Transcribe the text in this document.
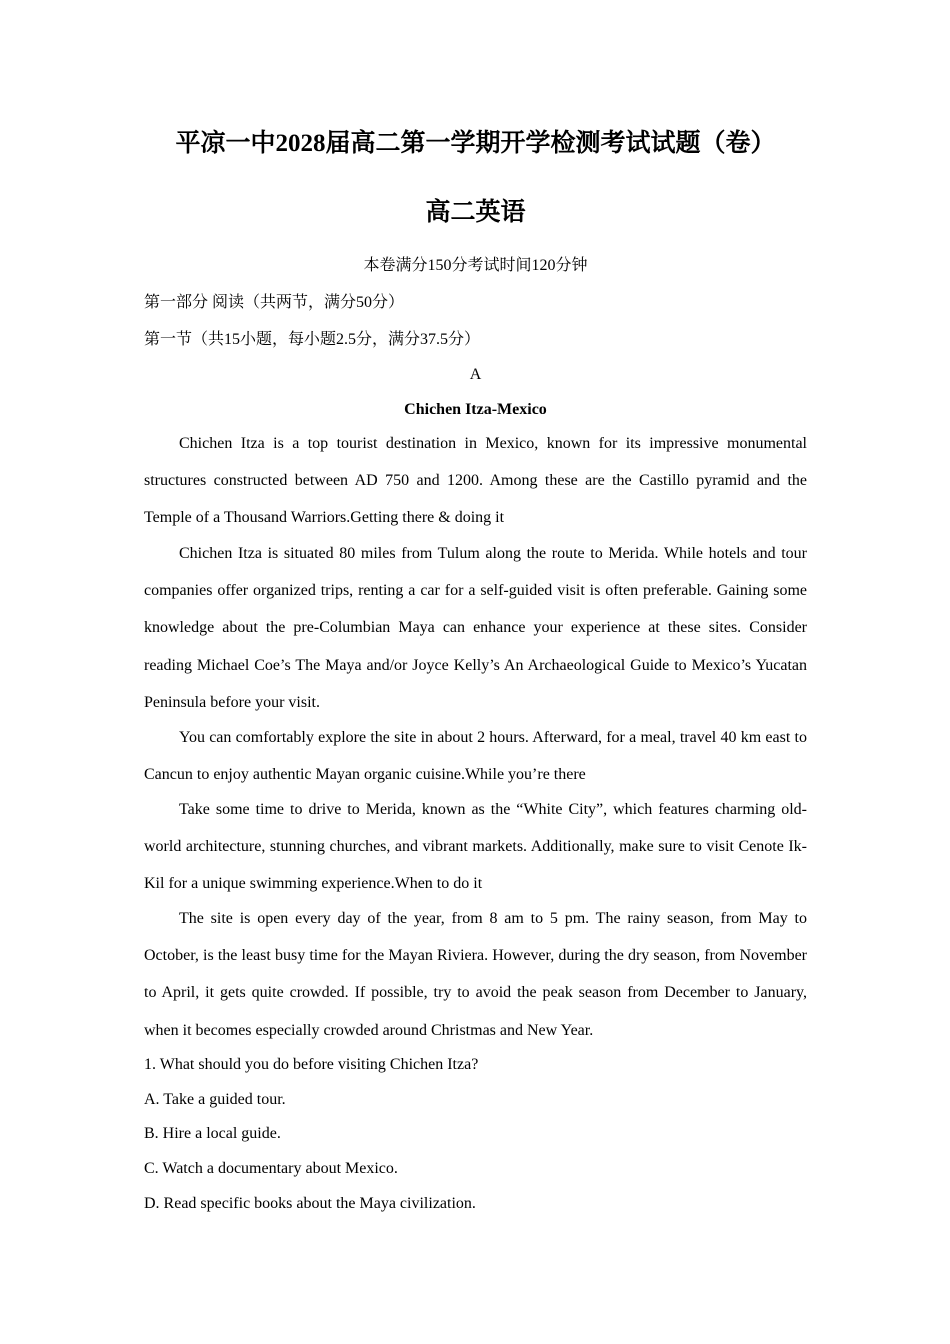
平凉一中2028届高二第一学期开学检测考试试题（卷）
高二英语
本卷满分150分考试时间120分钟
第一部分 阅读（共两节，满分50分）
第一节（共15小题，每小题2.5分，满分37.5分）
A
Chichen Itza-Mexico
Chichen Itza is a top tourist destination in Mexico, known for its impressive monumental structures constructed between AD 750 and 1200. Among these are the Castillo pyramid and the Temple of a Thousand Warriors.Getting there & doing it
Chichen Itza is situated 80 miles from Tulum along the route to Merida. While hotels and tour companies offer organized trips, renting a car for a self-guided visit is often preferable. Gaining some knowledge about the pre-Columbian Maya can enhance your experience at these sites. Consider reading Michael Coe’s The Maya and/or Joyce Kelly’s An Archaeological Guide to Mexico’s Yucatan Peninsula before your visit.
You can comfortably explore the site in about 2 hours. Afterward, for a meal, travel 40 km east to Cancun to enjoy authentic Mayan organic cuisine.While you’re there
Take some time to drive to Merida, known as the “White City”, which features charming old-world architecture, stunning churches, and vibrant markets. Additionally, make sure to visit Cenote Ik-Kil for a unique swimming experience.When to do it
The site is open every day of the year, from 8 am to 5 pm. The rainy season, from May to October, is the least busy time for the Mayan Riviera. However, during the dry season, from November to April, it gets quite crowded. If possible, try to avoid the peak season from December to January, when it becomes especially crowded around Christmas and New Year.
1. What should you do before visiting Chichen Itza?
A. Take a guided tour.
B. Hire a local guide.
C. Watch a documentary about Mexico.
D. Read specific books about the Maya civilization.
